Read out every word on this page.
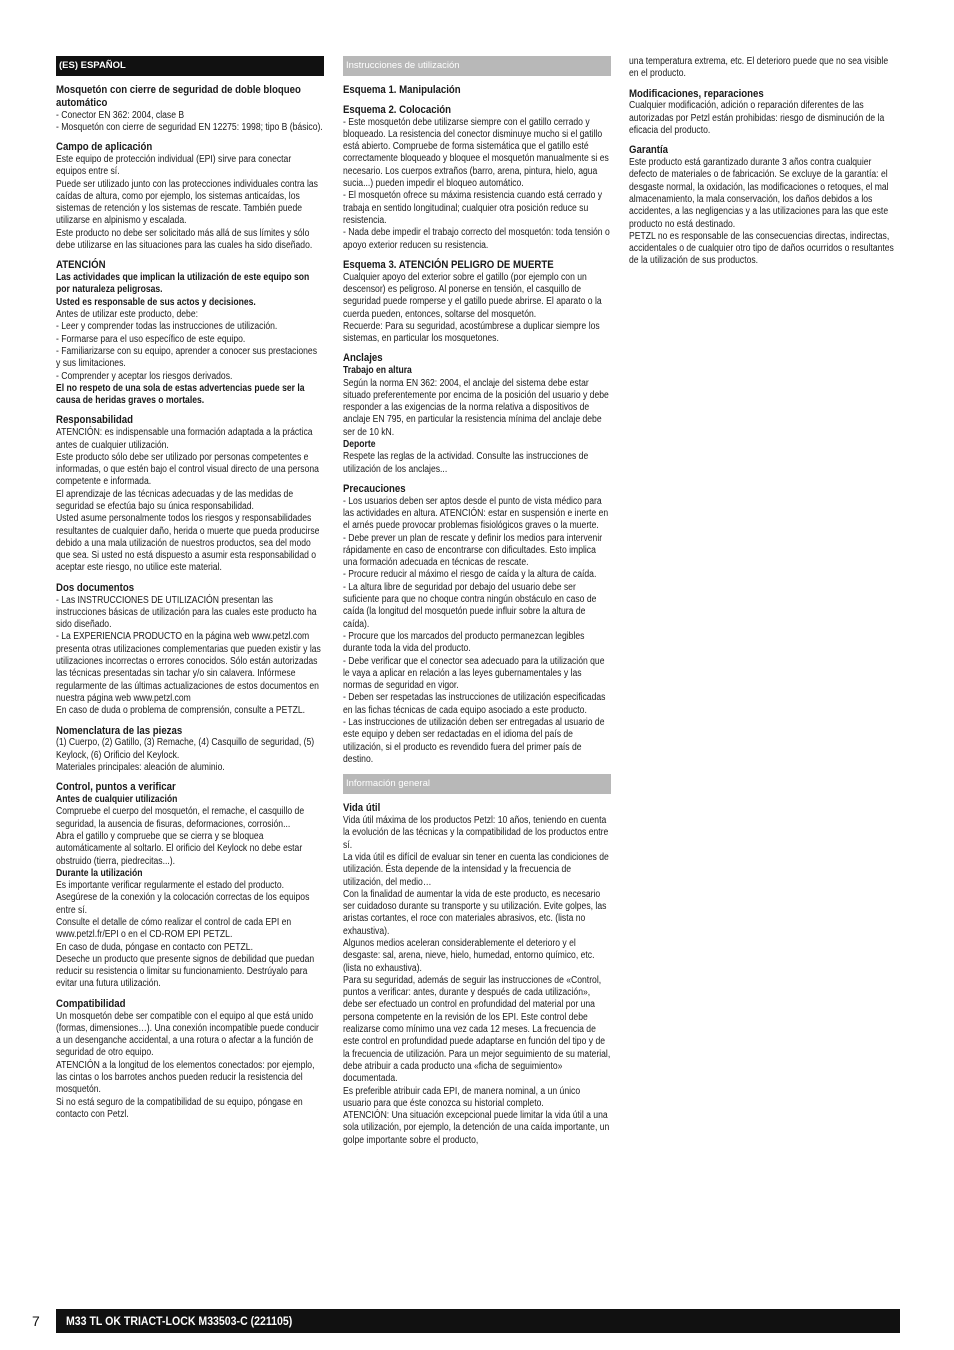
(ES) ESPAÑOL
Mosquetón con cierre de seguridad de doble bloqueo automático

- Conector EN 362: 2004, clase B

- Mosquetón con cierre de seguridad EN 12275: 1998; tipo B (básico).

Campo de aplicación

Este equipo de protección individual (EPI) sirve para conectar equipos entre sí.

Puede ser utilizado junto con las protecciones individuales contra las caídas de altura, como por ejemplo, los sistemas anticaídas, los sistemas de retención y los sistemas de rescate. También puede utilizarse en alpinismo y escalada.

Este producto no debe ser solicitado más allá de sus límites y sólo debe utilizarse en las situaciones para las cuales ha sido diseñado.

ATENCIÓN

Las actividades que implican la utilización de este equipo son por naturaleza peligrosas.

Usted es responsable de sus actos y decisiones.

Antes de utilizar este producto, debe:

- Leer y comprender todas las instrucciones de utilización.

- Formarse para el uso específico de este equipo.

- Familiarizarse con su equipo, aprender a conocer sus prestaciones y sus limitaciones.

- Comprender y aceptar los riesgos derivados.

El no respeto de una sola de estas advertencias puede ser la causa de heridas graves o mortales.

Responsabilidad

ATENCIÓN: es indispensable una formación adaptada a la práctica antes de cualquier utilización.

Este producto sólo debe ser utilizado por personas competentes e informadas, o que estén bajo el control visual directo de una persona competente e informada.

El aprendizaje de las técnicas adecuadas y de las medidas de seguridad se efectúa bajo su única responsabilidad.

Usted asume personalmente todos los riesgos y responsabilidades resultantes de cualquier daño, herida o muerte que pueda producirse debido a una mala utilización de nuestros productos, sea del modo que sea. Si usted no está dispuesto a asumir esta responsabilidad o aceptar este riesgo, no utilice este material.

Dos documentos

- Las INSTRUCCIONES DE UTILIZACIÓN presentan las instrucciones básicas de utilización para las cuales este producto ha sido diseñado.

- La EXPERIENCIA PRODUCTO en la página web www.petzl.com presenta otras utilizaciones complementarias que pueden existir y las utilizaciones incorrectas o errores conocidos. Sólo están autorizadas las técnicas presentadas sin tachar y/o sin calavera. Infórmese regularmente de las últimas actualizaciones de estos documentos en nuestra página web www.petzl.com

En caso de duda o problema de comprensión, consulte a PETZL.

Nomenclatura de las piezas

(1) Cuerpo, (2) Gatillo, (3) Remache, (4) Casquillo de seguridad, (5) Keylock, (6) Orificio del Keylock.

Materiales principales: aleación de aluminio.

Control, puntos a verificar

Antes de cualquier utilización

Compruebe el cuerpo del mosquetón, el remache, el casquillo de seguridad, la ausencia de fisuras, deformaciones, corrosión...

Abra el gatillo y compruebe que se cierra y se bloquea automáticamente al soltarlo. El orificio del Keylock no debe estar obstruido (tierra, piedrecitas...).

Durante la utilización

Es importante verificar regularmente el estado del producto. Asegúrese de la conexión y la colocación correctas de los equipos entre sí.

Consulte el detalle de cómo realizar el control de cada EPI en www.petzl.fr/EPI o en el CD-ROM EPI PETZL.

En caso de duda, póngase en contacto con PETZL.

Deseche un producto que presente signos de debilidad que puedan reducir su resistencia o limitar su funcionamiento. Destrúyalo para evitar una futura utilización.

Compatibilidad

Un mosquetón debe ser compatible con el equipo al que está unido (formas, dimensiones…). Una conexión incompatible puede conducir a un desenganche accidental, a una rotura o afectar a la función de seguridad de otro equipo.

ATENCIÓN a la longitud de los elementos conectados: por ejemplo, las cintas o los barrotes anchos pueden reducir la resistencia del mosquetón.

Si no está seguro de la compatibilidad de su equipo, póngase en contacto con Petzl.

Instrucciones de utilización
Esquema 1. Manipulación
Esquema 2. Colocación

- Este mosquetón debe utilizarse siempre con el gatillo cerrado y bloqueado. La resistencia del conector disminuye mucho si el gatillo está abierto. Compruebe de forma sistemática que el gatillo esté correctamente bloqueado y bloquee el mosquetón manualmente si es necesario. Los cuerpos extraños (barro, arena, pintura, hielo, agua sucia...) pueden impedir el bloqueo automático.

- El mosquetón ofrece su máxima resistencia cuando está cerrado y trabaja en sentido longitudinal; cualquier otra posición reduce su resistencia.

- Nada debe impedir el trabajo correcto del mosquetón: toda tensión o apoyo exterior reducen su resistencia.

Esquema 3. ATENCIÓN PELIGRO DE MUERTE

Cualquier apoyo del exterior sobre el gatillo (por ejemplo con un descensor) es peligroso. Al ponerse en tensión, el casquillo de seguridad puede romperse y el gatillo puede abrirse. El aparato o la cuerda pueden, entonces, soltarse del mosquetón.

Recuerde: Para su seguridad, acostúmbrese a duplicar siempre los sistemas, en particular los mosquetones.

Anclajes

Trabajo en altura

Según la norma EN 362: 2004, el anclaje del sistema debe estar situado preferentemente por encima de la posición del usuario y debe responder a las exigencias de la norma relativa a dispositivos de anclaje EN 795, en particular la resistencia mínima del anclaje debe ser de 10 kN.

Deporte

Respete las reglas de la actividad. Consulte las instrucciones de utilización de los anclajes...

Precauciones

- Los usuarios deben ser aptos desde el punto de vista médico para las actividades en altura. ATENCIÓN: estar en suspensión e inerte en el arnés puede provocar problemas fisiológicos graves o la muerte.

- Debe prever un plan de rescate y definir los medios para intervenir rápidamente en caso de encontrarse con dificultades. Esto implica una formación adecuada en técnicas de rescate.

- Procure reducir al máximo el riesgo de caída y la altura de caída.

- La altura libre de seguridad por debajo del usuario debe ser suficiente para que no choque contra ningún obstáculo en caso de caída (la longitud del mosquetón puede influir sobre la altura de caída).

- Procure que los marcados del producto permanezcan legibles durante toda la vida del producto.

- Debe verificar que el conector sea adecuado para la utilización que le vaya a aplicar en relación a las leyes gubernamentales y las normas de seguridad en vigor.

- Deben ser respetadas las instrucciones de utilización especificadas en las fichas técnicas de cada equipo asociado a este producto.

- Las instrucciones de utilización deben ser entregadas al usuario de este equipo y deben ser redactadas en el idioma del país de utilización, si el producto es revendido fuera del primer país de destino.

Información general
Vida útil

Vida útil máxima de los productos Petzl: 10 años, teniendo en cuenta la evolución de las técnicas y la compatibilidad de los productos entre sí.

La vida útil es difícil de evaluar sin tener en cuenta las condiciones de utilización. Ésta depende de la intensidad y la frecuencia de utilización, del medio…

Con la finalidad de aumentar la vida de este producto, es necesario ser cuidadoso durante su transporte y su utilización. Evite golpes, las aristas cortantes, el roce con materiales abrasivos, etc. (lista no exhaustiva).

Algunos medios aceleran considerablemente el deterioro y el desgaste: sal, arena, nieve, hielo, humedad, entorno químico, etc. (lista no exhaustiva).

Para su seguridad, además de seguir las instrucciones de «Control, puntos a verificar: antes, durante y después de cada utilización», debe ser efectuado un control en profundidad del material por una persona competente en la revisión de los EPI. Este control debe realizarse como mínimo una vez cada 12 meses. La frecuencia de este control en profundidad puede adaptarse en función del tipo y de la frecuencia de utilización. Para un mejor seguimiento de su material, debe atribuir a cada producto una «ficha de seguimiento» documentada.

Es preferible atribuir cada EPI, de manera nominal, a un único usuario para que éste conozca su historial completo.

ATENCIÓN: Una situación excepcional puede limitar la vida útil a una sola utilización, por ejemplo, la detención de una caída importante, un golpe importante sobre el producto,

una temperatura extrema, etc. El deterioro puede que no sea visible en el producto.

Modificaciones, reparaciones

Cualquier modificación, adición o reparación diferentes de las autorizadas por Petzl están prohibidas: riesgo de disminución de la eficacia del producto.

Garantía

Este producto está garantizado durante 3 años contra cualquier defecto de materiales o de fabricación. Se excluye de la garantía: el desgaste normal, la oxidación, las modificaciones o retoques, el mal almacenamiento, la mala conservación, los daños debidos a los accidentes, a las negligencias y a las utilizaciones para las que este producto no está destinado.

PETZL no es responsable de las consecuencias directas, indirectas, accidentales o de cualquier otro tipo de daños ocurridos o resultantes de la utilización de sus productos.

7 M33 TL OK TRIACT-LOCK M33503-C (221105)
